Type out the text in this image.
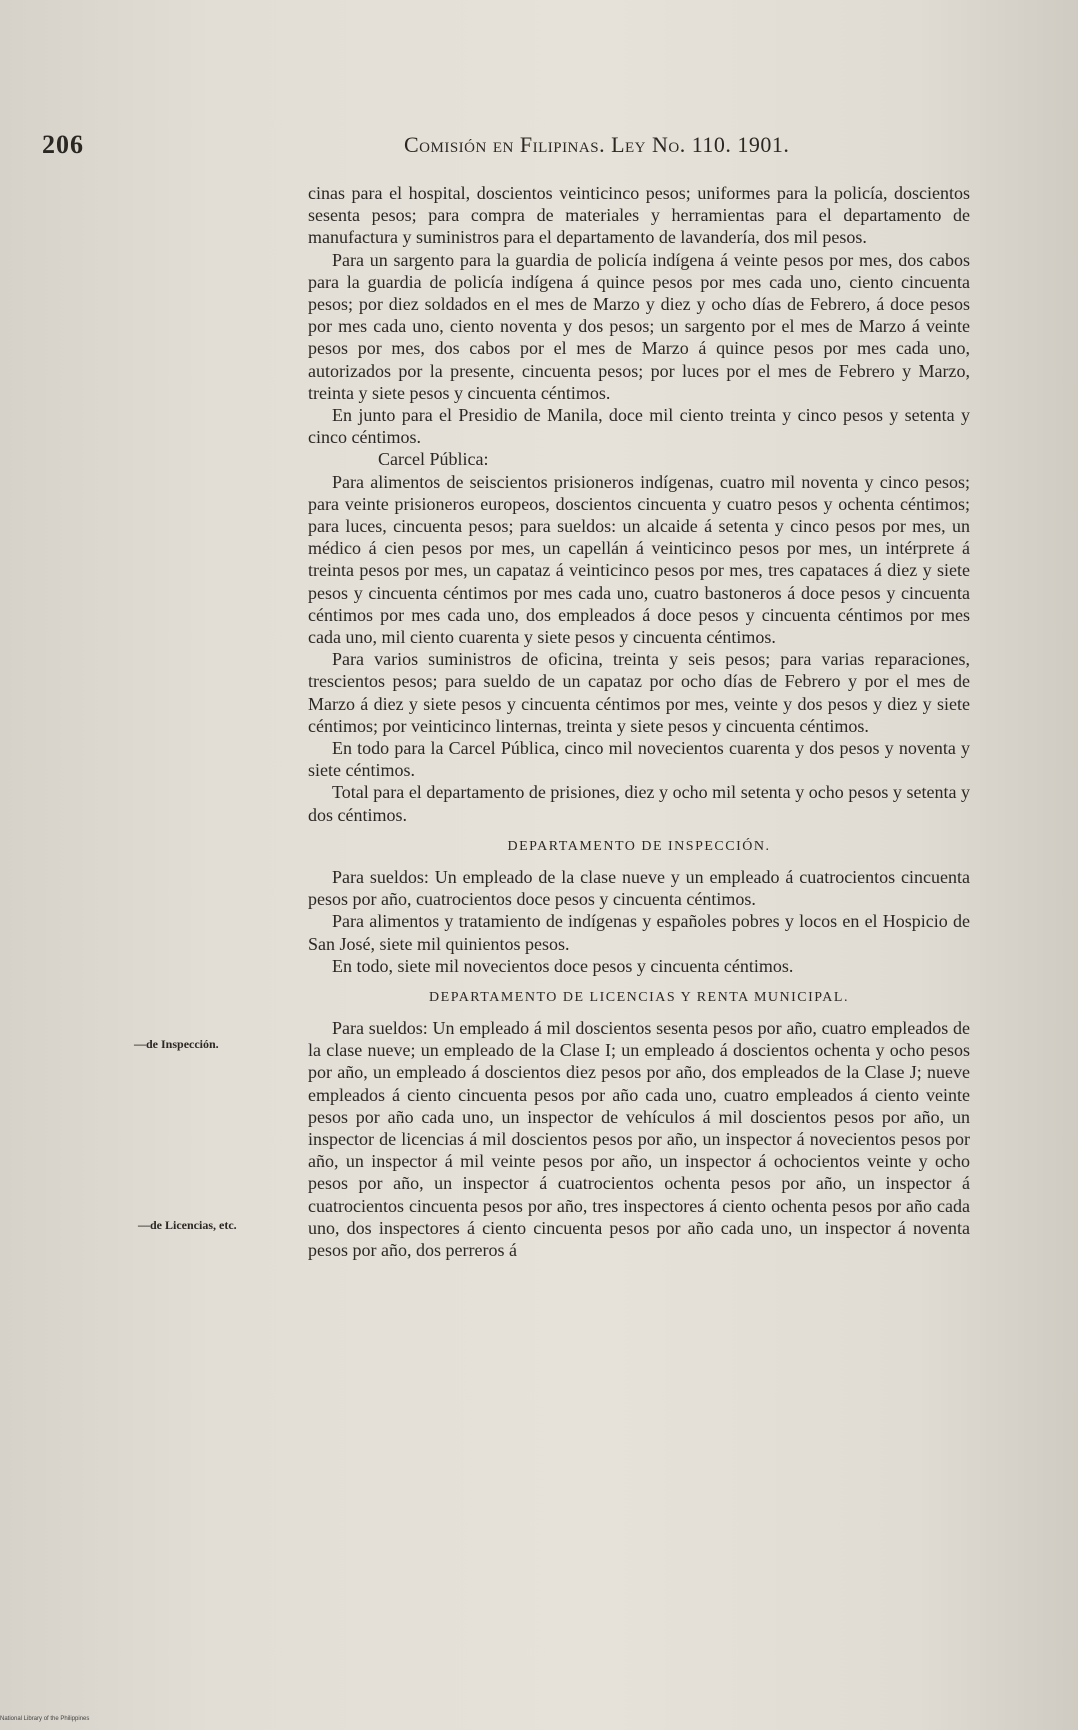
206	Comisión en Filipinas. Ley No. 110. 1901.
—de Inspección.
—de Licencias, etc.

cinas para el hospital, doscientos veinticinco pesos; uniformes para la policía, doscientos sesenta pesos; para compra de materiales y herramientas para el departamento de manufactura y suministros para el departamento de lavandería, dos mil pesos.

Para un sargento para la guardia de policía indígena á veinte pesos por mes, dos cabos para la guardia de policía indígena á quince pesos por mes cada uno, ciento cincuenta pesos; por diez soldados en el mes de Marzo y diez y ocho días de Febrero, á doce pesos por mes cada uno, ciento noventa y dos pesos; un sargento por el mes de Marzo á veinte pesos por mes, dos cabos por el mes de Marzo á quince pesos por mes cada uno, autorizados por la presente, cincuenta pesos; por luces por el mes de Febrero y Marzo, treinta y siete pesos y cincuenta céntimos.

En junto para el Presidio de Manila, doce mil ciento treinta y cinco pesos y setenta y cinco céntimos.

Carcel Pública:

Para alimentos de seiscientos prisioneros indígenas, cuatro mil noventa y cinco pesos; para veinte prisioneros europeos, doscientos cincuenta y cuatro pesos y ochenta céntimos; para luces, cincuenta pesos; para sueldos: un alcaide á setenta y cinco pesos por mes, un médico á cien pesos por mes, un capellán á veinticinco pesos por mes, un intérprete á treinta pesos por mes, un capataz á veinticinco pesos por mes, tres capataces á diez y siete pesos y cincuenta céntimos por mes cada uno, cuatro bastoneros á doce pesos y cincuenta céntimos por mes cada uno, dos empleados á doce pesos y cincuenta céntimos por mes cada uno, mil ciento cuarenta y siete pesos y cincuenta céntimos.

Para varios suministros de oficina, treinta y seis pesos; para varias reparaciones, trescientos pesos; para sueldo de un capataz por ocho días de Febrero y por el mes de Marzo á diez y siete pesos y cincuenta céntimos por mes, veinte y dos pesos y diez y siete céntimos; por veinticinco linternas, treinta y siete pesos y cincuenta céntimos.

En todo para la Carcel Pública, cinco mil novecientos cuarenta y dos pesos y noventa y siete céntimos.

Total para el departamento de prisiones, diez y ocho mil setenta y ocho pesos y setenta y dos céntimos.

DEPARTAMENTO DE INSPECCIÓN.

Para sueldos: Un empleado de la clase nueve y un empleado á cuatrocientos cincuenta pesos por año, cuatrocientos doce pesos y cincuenta céntimos.

Para alimentos y tratamiento de indígenas y españoles pobres y locos en el Hospicio de San José, siete mil quinientos pesos.

En todo, siete mil novecientos doce pesos y cincuenta céntimos.

DEPARTAMENTO DE LICENCIAS Y RENTA MUNICIPAL.

Para sueldos: Un empleado á mil doscientos sesenta pesos por año, cuatro empleados de la clase nueve; un empleado de la Clase I; un empleado á doscientos ochenta y ocho pesos por año, un empleado á doscientos diez pesos por año, dos empleados de la Clase J; nueve empleados á ciento cincuenta pesos por año cada uno, cuatro empleados á ciento veinte pesos por año cada uno, un inspector de vehículos á mil doscientos pesos por año, un inspector de licencias á mil doscientos pesos por año, un inspector á novecientos pesos por año, un inspector á mil veinte pesos por año, un inspector á ochocientos veinte y ocho pesos por año, un inspector á cuatrocientos ochenta pesos por año, un inspector á cuatrocientos cincuenta pesos por año, tres inspectores á ciento ochenta pesos por año cada uno, dos inspectores á ciento cincuenta pesos por año cada uno, un inspector á noventa pesos por año, dos perreros á

National Library of the Philippines
